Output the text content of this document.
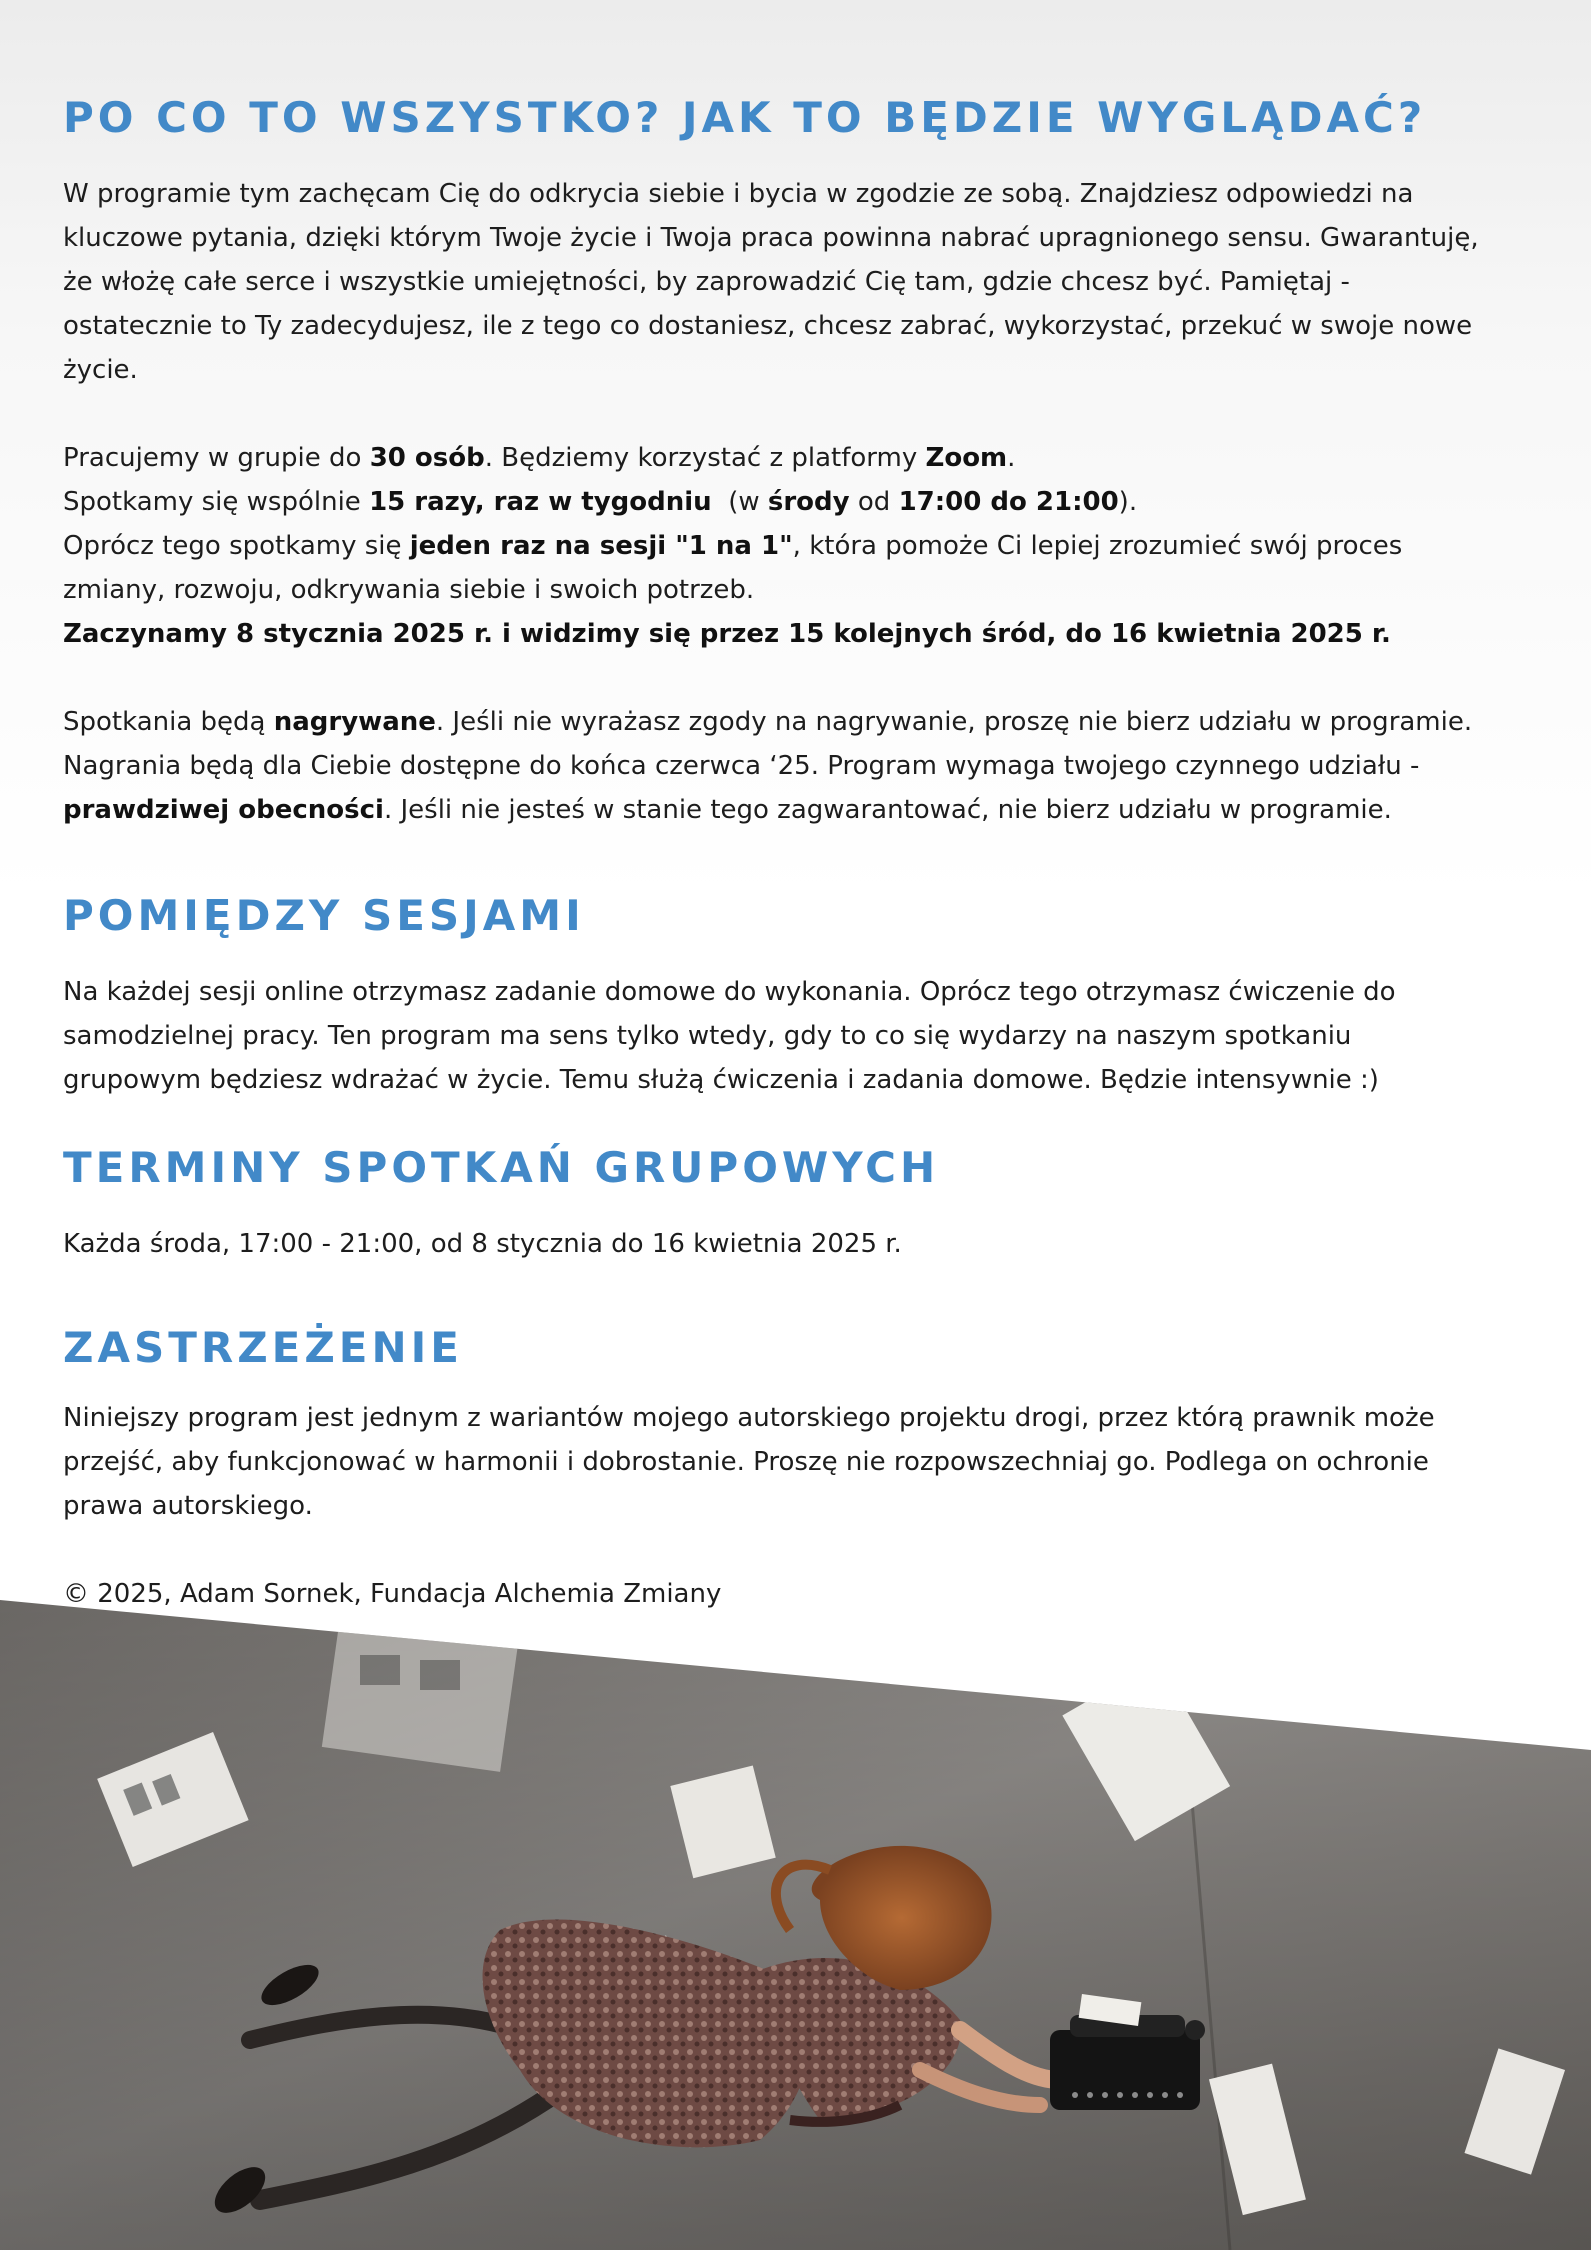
PO CO TO WSZYSTKO? JAK TO BĘDZIE WYGLĄDAĆ?

W programie tym zachęcam Cię do odkrycia siebie i bycia w zgodzie ze sobą. Znajdziesz odpowiedzi na kluczowe pytania, dzięki którym Twoje życie i Twoja praca powinna nabrać upragnionego sensu. Gwarantuję, że włożę całe serce i wszystkie umiejętności, by zaprowadzić Cię tam, gdzie chcesz być. Pamiętaj - ostatecznie to Ty zadecydujesz, ile z tego co dostaniesz, chcesz zabrać, wykorzystać, przekuć w swoje nowe życie.

Pracujemy w grupie do 30 osób. Będziemy korzystać z platformy Zoom.

Spotkamy się wspólnie 15 razy, raz w tygodniu  (w środy od 17:00 do 21:00).

Oprócz tego spotkamy się jeden raz na sesji "1 na 1", która pomoże Ci lepiej zrozumieć swój proces zmiany, rozwoju, odkrywania siebie i swoich potrzeb.

Zaczynamy 8 stycznia 2025 r. i widzimy się przez 15 kolejnych śród, do 16 kwietnia 2025 r.

Spotkania będą nagrywane. Jeśli nie wyrażasz zgody na nagrywanie, proszę nie bierz udziału w programie. Nagrania będą dla Ciebie dostępne do końca czerwca ‘25. Program wymaga twojego czynnego udziału - prawdziwej obecności. Jeśli nie jesteś w stanie tego zagwarantować, nie bierz udziału w programie.

POMIĘDZY SESJAMI

Na każdej sesji online otrzymasz zadanie domowe do wykonania. Oprócz tego otrzymasz ćwiczenie do samodzielnej pracy. Ten program ma sens tylko wtedy, gdy to co się wydarzy na naszym spotkaniu grupowym będziesz wdrażać w życie. Temu służą ćwiczenia i zadania domowe. Będzie intensywnie :)

TERMINY SPOTKAŃ GRUPOWYCH

Każda środa, 17:00 - 21:00, od 8 stycznia do 16 kwietnia 2025 r.

ZASTRZEŻENIE

Niniejszy program jest jednym z wariantów mojego autorskiego projektu drogi, przez którą prawnik może przejść, aby funkcjonować w harmonii i dobrostanie. Proszę nie rozpowszechniaj go. Podlega on ochronie prawa autorskiego.

© 2025, Adam Sornek, Fundacja Alchemia Zmiany
